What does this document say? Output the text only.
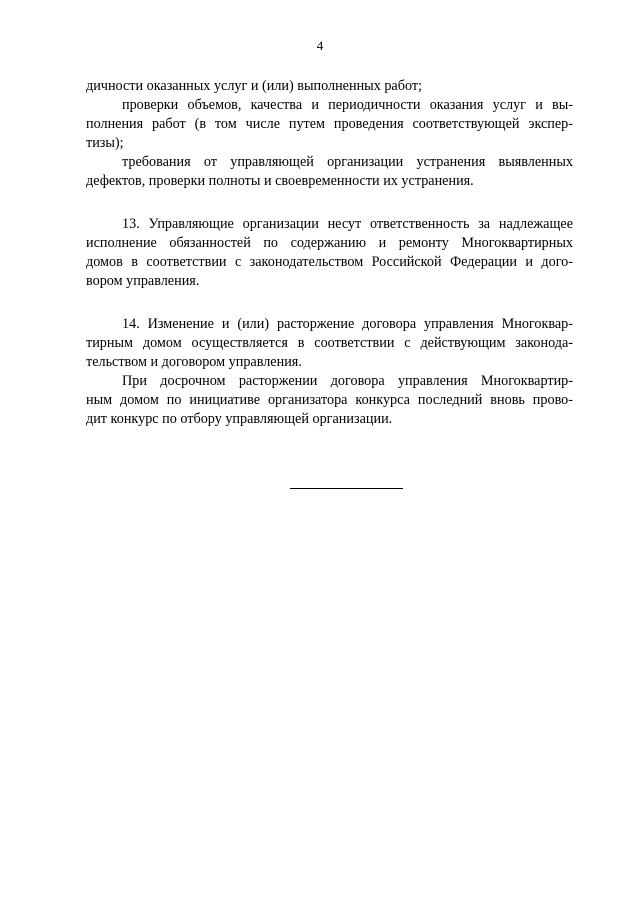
4
дичности оказанных услуг и (или) выполненных работ;
проверки объемов, качества и периодичности оказания услуг и вы-
полнения работ (в том числе путем проведения соответствующей экспер-
тизы);
требования от управляющей организации устранения выявленных
дефектов, проверки полноты и своевременности их устранения.
13. Управляющие организации несут ответственность за надлежащее
исполнение обязанностей по содержанию и ремонту Многоквартирных
домов в соответствии с законодательством Российской Федерации и дого-
вором управления.
14. Изменение и (или) расторжение договора управления Многоквар-
тирным домом осуществляется в соответствии с действующим законода-
тельством и договором управления.
При досрочном расторжении договора управления Многоквартир-
ным домом по инициативе организатора конкурса последний вновь прово-
дит конкурс по отбору управляющей организации.
